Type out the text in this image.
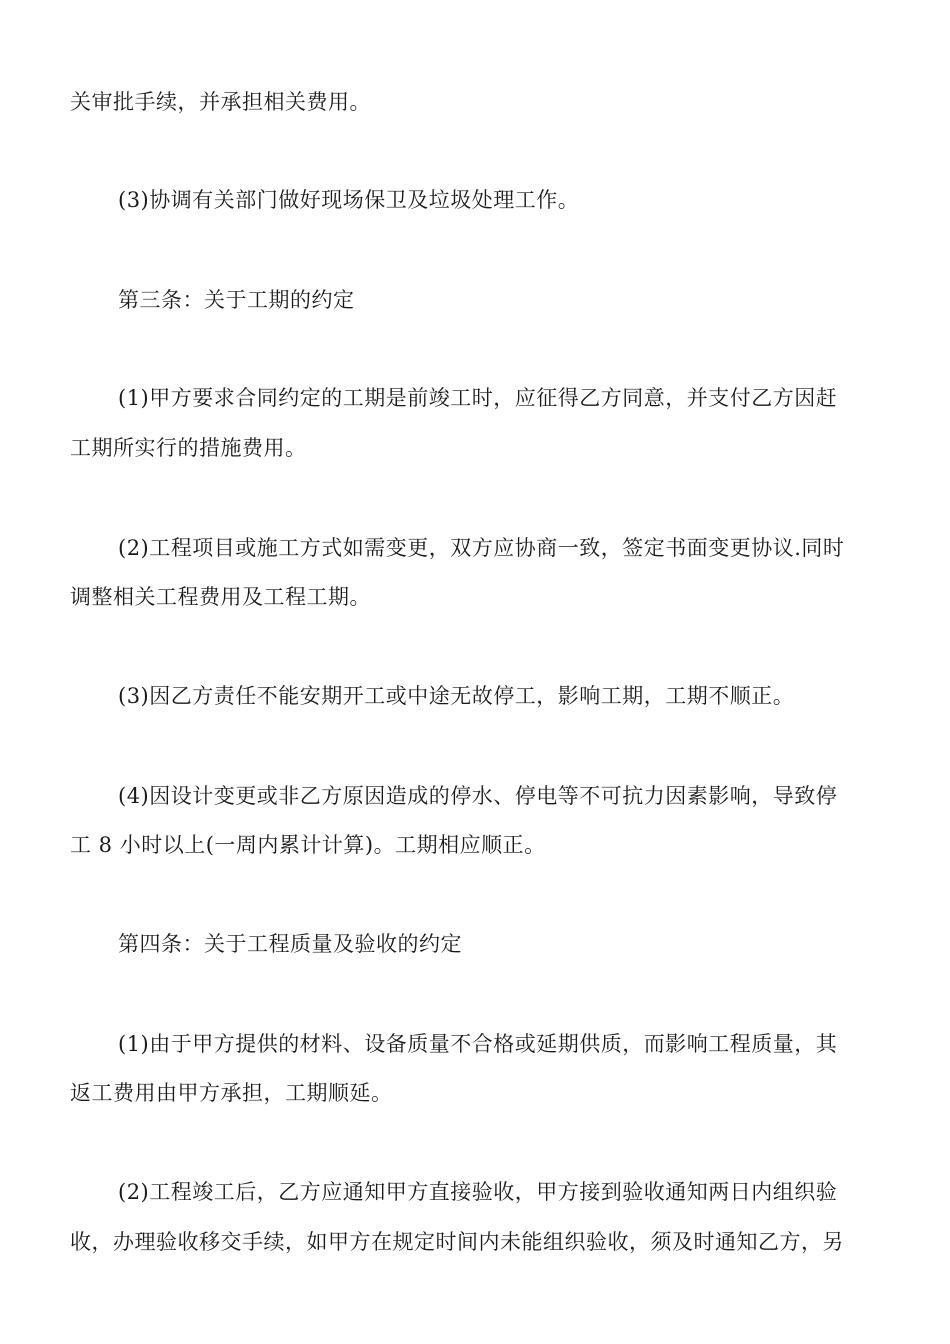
关审批手续，并承担相关费用。
(3)协调有关部门做好现场保卫及垃圾处理工作。
第三条：关于工期的约定
(1)甲方要求合同约定的工期是前竣工时，应征得乙方同意，并支付乙方因赶
工期所实行的措施费用。
(2)工程项目或施工方式如需变更，双方应协商一致，签定书面变更协议.同时
调整相关工程费用及工程工期。
(3)因乙方责任不能安期开工或中途无故停工，影响工期，工期不顺正。
(4)因设计变更或非乙方原因造成的停水、停电等不可抗力因素影响，导致停
工 8 小时以上(一周内累计计算)。工期相应顺正。
第四条：关于工程质量及验收的约定
(1)由于甲方提供的材料、设备质量不合格或延期供质，而影响工程质量，其
返工费用由甲方承担，工期顺延。
(2)工程竣工后，乙方应通知甲方直接验收，甲方接到验收通知两日内组织验
收，办理验收移交手续，如甲方在规定时间内未能组织验收，须及时通知乙方，另
